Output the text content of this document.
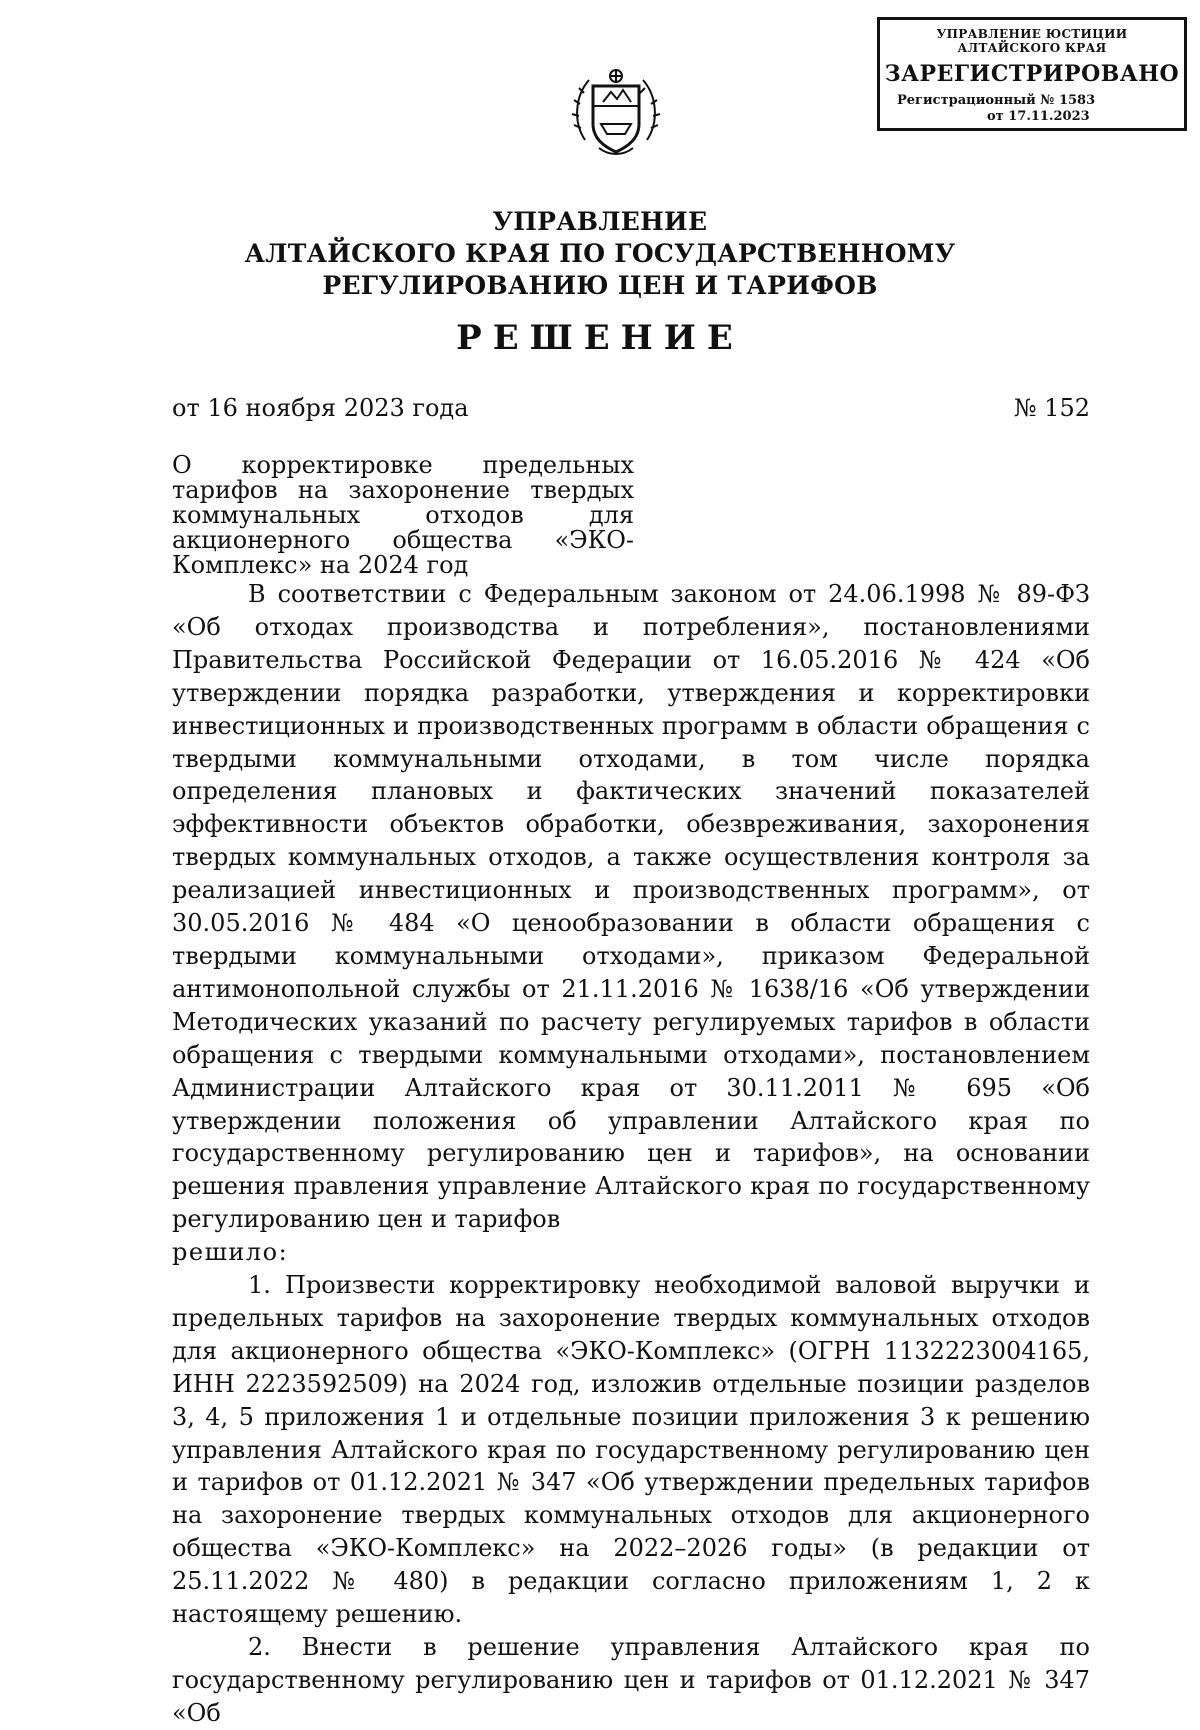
УПРАВЛЕНИЕ ЮСТИЦИИ
АЛТАЙСКОГО КРАЯ
ЗАРЕГИСТРИРОВАНО
Регистрационный № 1583
от 17.11.2023
УПРАВЛЕНИЕ
АЛТАЙСКОГО КРАЯ ПО ГОСУДАРСТВЕННОМУ
РЕГУЛИРОВАНИЮ ЦЕН И ТАРИФОВ
РЕШЕНИЕ
от 16 ноября 2023 года	№ 152
О корректировке предельных тарифов на захоронение твердых коммунальных отходов для акционерного общества «ЭКО-Комплекс» на 2024 год

В соответствии с Федеральным законом от 24.06.1998 № 89-ФЗ «Об отходах производства и потребления», постановлениями Правительства Российской Федерации от 16.05.2016 № 424 «Об утверждении порядка разработки, утверждения и корректировки инвестиционных и производственных программ в области обращения с твердыми коммунальными отходами, в том числе порядка определения плановых и фактических значений показателей эффективности объектов обработки, обезвреживания, захоронения твердых коммунальных отходов, а также осуществления контроля за реализацией инвестиционных и производственных программ», от 30.05.2016 № 484 «О ценообразовании в области обращения с твердыми коммунальными отходами», приказом Федеральной антимонопольной службы от 21.11.2016 № 1638/16 «Об утверждении Методических указаний по расчету регулируемых тарифов в области обращения с твердыми коммунальными отходами», постановлением Администрации Алтайского края от 30.11.2011 № 695 «Об утверждении положения об управлении Алтайского края по государственному регулированию цен и тарифов», на основании решения правления управление Алтайского края по государственному регулированию цен и тарифов

решило:

1. Произвести корректировку необходимой валовой выручки и предельных тарифов на захоронение твердых коммунальных отходов для акционерного общества «ЭКО-Комплекс» (ОГРН 1132223004165, ИНН 2223592509) на 2024 год, изложив отдельные позиции разделов 3, 4, 5 приложения 1 и отдельные позиции приложения 3 к решению управления Алтайского края по государственному регулированию цен и тарифов от 01.12.2021 № 347 «Об утверждении предельных тарифов на захоронение твердых коммунальных отходов для акционерного общества «ЭКО-Комплекс» на 2022–2026 годы» (в редакции от 25.11.2022 № 480) в редакции согласно приложениям 1, 2 к настоящему решению.

2. Внести в решение управления Алтайского края по государственному регулированию цен и тарифов от 01.12.2021 № 347 «Об
